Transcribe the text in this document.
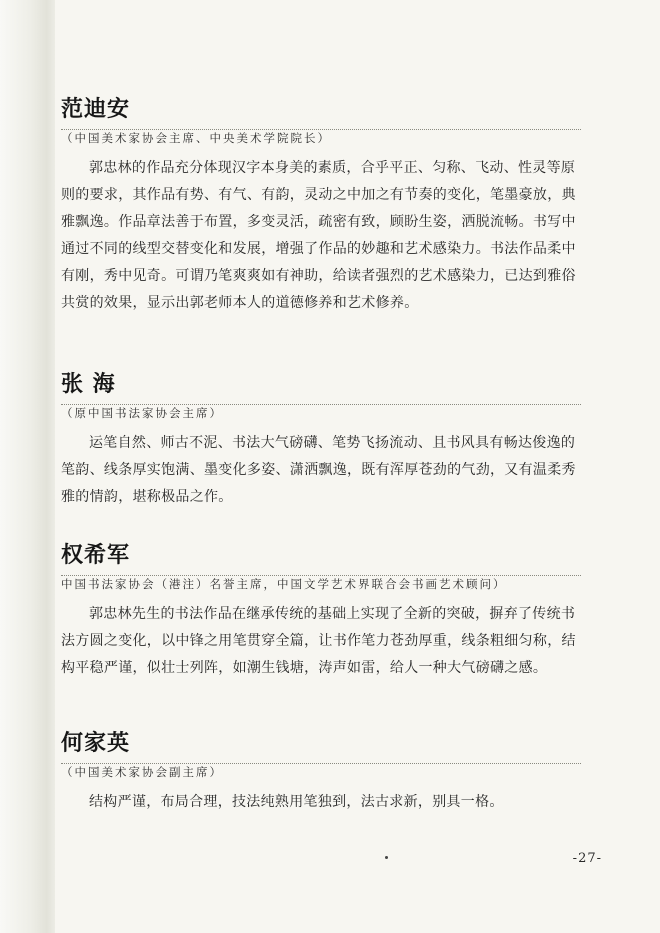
范迪安
（中国美术家协会主席、中央美术学院院长）

郭忠林的作品充分体现汉字本身美的素质，合乎平正、匀称、飞动、性灵等原则的要求，其作品有势、有气、有韵，灵动之中加之有节奏的变化，笔墨豪放，典雅飘逸。作品章法善于布置，多变灵活，疏密有致，顾盼生姿，洒脱流畅。书写中通过不同的线型交替变化和发展，增强了作品的妙趣和艺术感染力。书法作品柔中有刚，秀中见奇。可谓乃笔爽爽如有神助，给读者强烈的艺术感染力，已达到雅俗共赏的效果，显示出郭老师本人的道德修养和艺术修养。

张 海
（原中国书法家协会主席）

运笔自然、师古不泥、书法大气磅礴、笔势飞扬流动、且书风具有畅达俊逸的笔韵、线条厚实饱满、墨变化多姿、潇洒飘逸，既有浑厚苍劲的气劲，又有温柔秀雅的情韵，堪称极品之作。

权希军
中国书法家协会（港注）名誉主席，中国文学艺术界联合会书画艺术顾问）

郭忠林先生的书法作品在继承传统的基础上实现了全新的突破，摒弃了传统书法方圆之变化，以中锋之用笔贯穿全篇，让书作笔力苍劲厚重，线条粗细匀称，结构平稳严谨，似壮士列阵，如潮生钱塘，涛声如雷，给人一种大气磅礴之感。

何家英
（中国美术家协会副主席）

结构严谨，布局合理，技法纯熟用笔独到，法古求新，别具一格。

-27-
